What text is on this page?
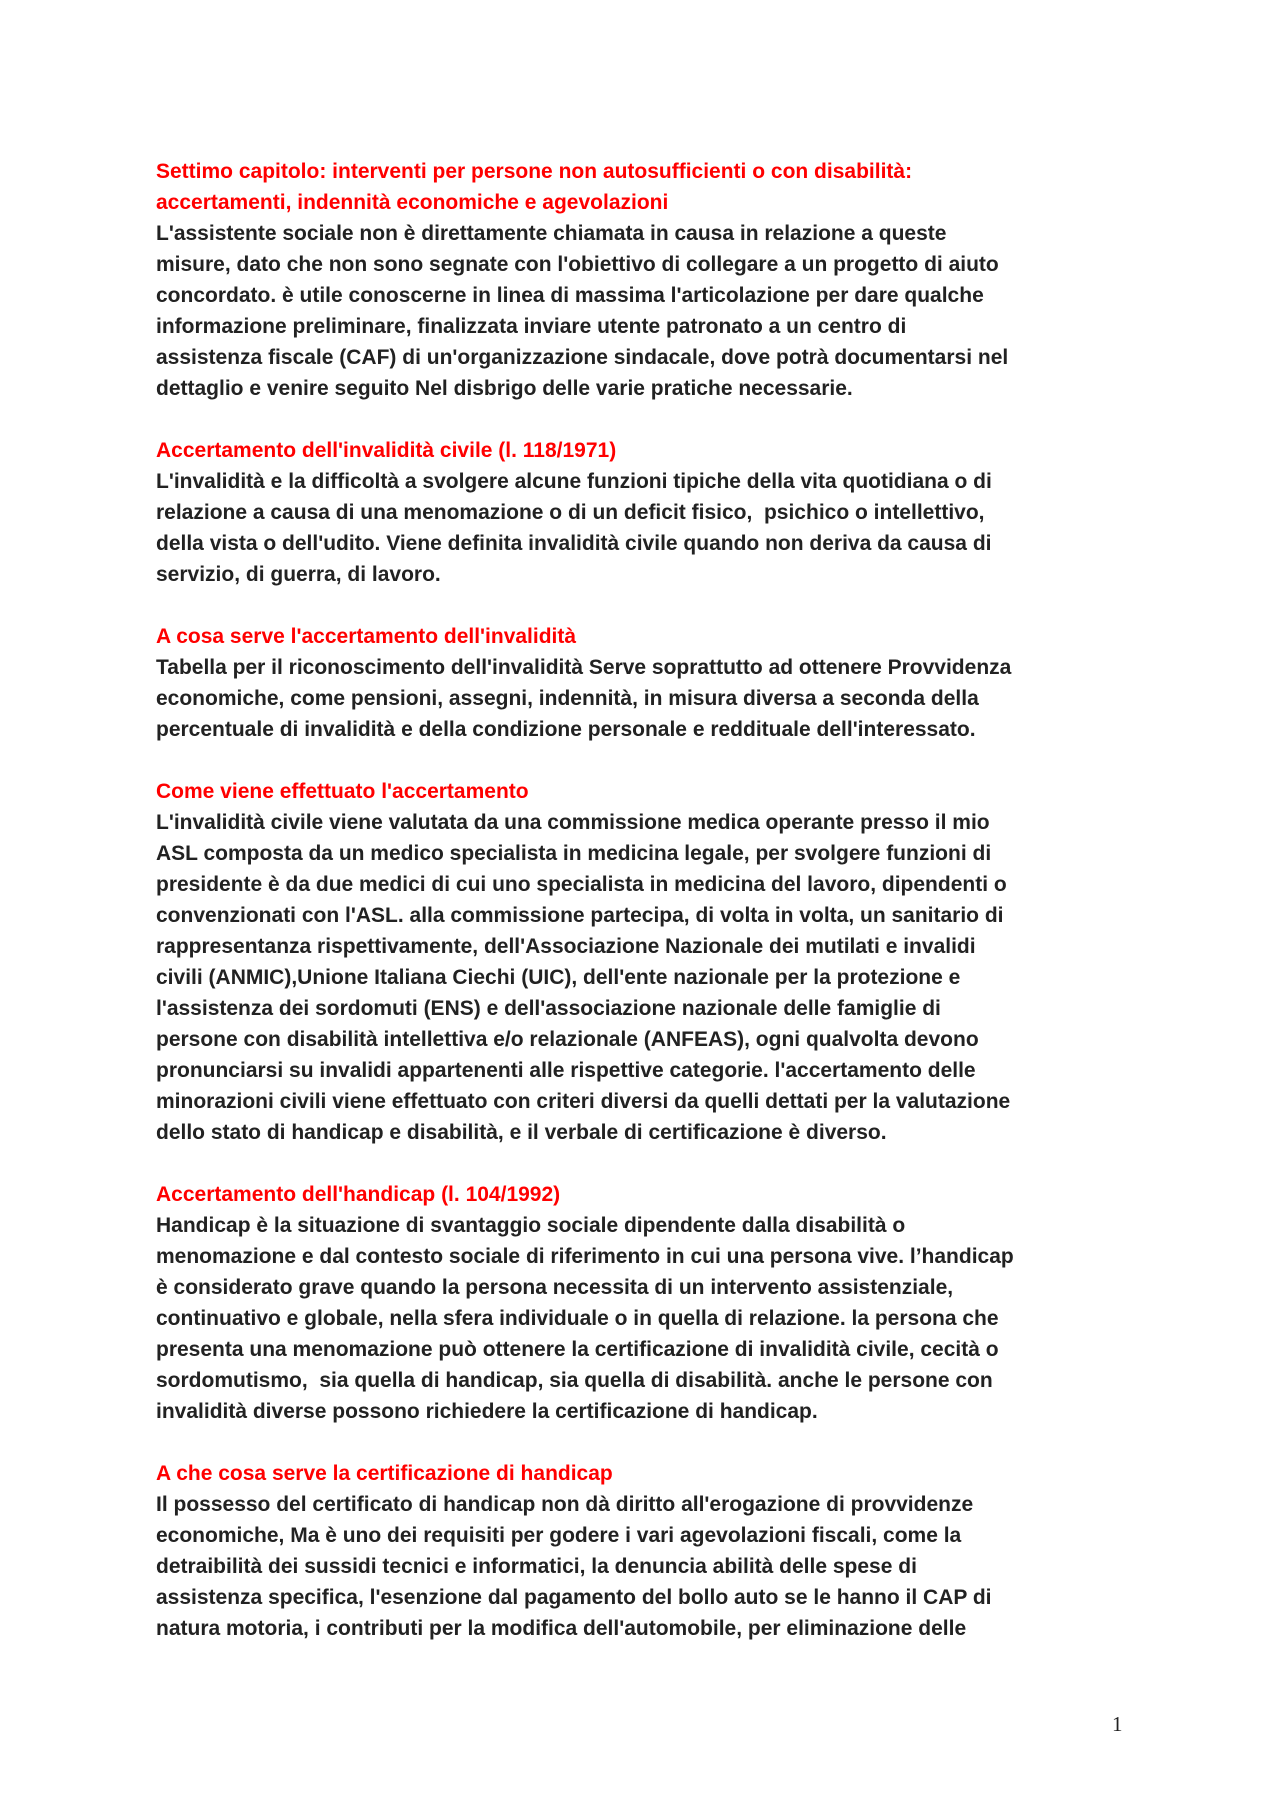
Settimo capitolo: interventi per persone non autosufficienti o con disabilità:
accertamenti, indennità economiche e agevolazioni

L'assistente sociale non è direttamente chiamata in causa in relazione a queste
misure, dato che non sono segnate con l'obiettivo di collegare a un progetto di aiuto
concordato. è utile conoscerne in linea di massima l'articolazione per dare qualche
informazione preliminare, finalizzata inviare utente patronato a un centro di
assistenza fiscale (CAF) di un'organizzazione sindacale, dove potrà documentarsi nel
dettaglio e venire seguito Nel disbrigo delle varie pratiche necessarie.

Accertamento dell'invalidità civile (l. 118/1971)

L'invalidità e la difficoltà a svolgere alcune funzioni tipiche della vita quotidiana o di
relazione a causa di una menomazione o di un deficit fisico,  psichico o intellettivo,
della vista o dell'udito. Viene definita invalidità civile quando non deriva da causa di
servizio, di guerra, di lavoro.

A cosa serve l'accertamento dell'invalidità

Tabella per il riconoscimento dell'invalidità Serve soprattutto ad ottenere Provvidenza
economiche, come pensioni, assegni, indennità, in misura diversa a seconda della
percentuale di invalidità e della condizione personale e reddituale dell'interessato.

Come viene effettuato l'accertamento

L'invalidità civile viene valutata da una commissione medica operante presso il mio
ASL composta da un medico specialista in medicina legale, per svolgere funzioni di
presidente è da due medici di cui uno specialista in medicina del lavoro, dipendenti o
convenzionati con l'ASL. alla commissione partecipa, di volta in volta, un sanitario di
rappresentanza rispettivamente, dell'Associazione Nazionale dei mutilati e invalidi
civili (ANMIC),Unione Italiana Ciechi (UIC), dell'ente nazionale per la protezione e
l'assistenza dei sordomuti (ENS) e dell'associazione nazionale delle famiglie di
persone con disabilità intellettiva e/o relazionale (ANFEAS), ogni qualvolta devono
pronunciarsi su invalidi appartenenti alle rispettive categorie. l'accertamento delle
minorazioni civili viene effettuato con criteri diversi da quelli dettati per la valutazione
dello stato di handicap e disabilità, e il verbale di certificazione è diverso.

Accertamento dell'handicap (l. 104/1992)

Handicap è la situazione di svantaggio sociale dipendente dalla disabilità o
menomazione e dal contesto sociale di riferimento in cui una persona vive. l’handicap
è considerato grave quando la persona necessita di un intervento assistenziale,
continuativo e globale, nella sfera individuale o in quella di relazione. la persona che
presenta una menomazione può ottenere la certificazione di invalidità civile, cecità o
sordomutismo,  sia quella di handicap, sia quella di disabilità. anche le persone con
invalidità diverse possono richiedere la certificazione di handicap.

A che cosa serve la certificazione di handicap

Il possesso del certificato di handicap non dà diritto all'erogazione di provvidenze
economiche, Ma è uno dei requisiti per godere i vari agevolazioni fiscali, come la
detraibilità dei sussidi tecnici e informatici, la denuncia abilità delle spese di
assistenza specifica, l'esenzione dal pagamento del bollo auto se le hanno il CAP di
natura motoria, i contributi per la modifica dell'automobile, per eliminazione delle

1
